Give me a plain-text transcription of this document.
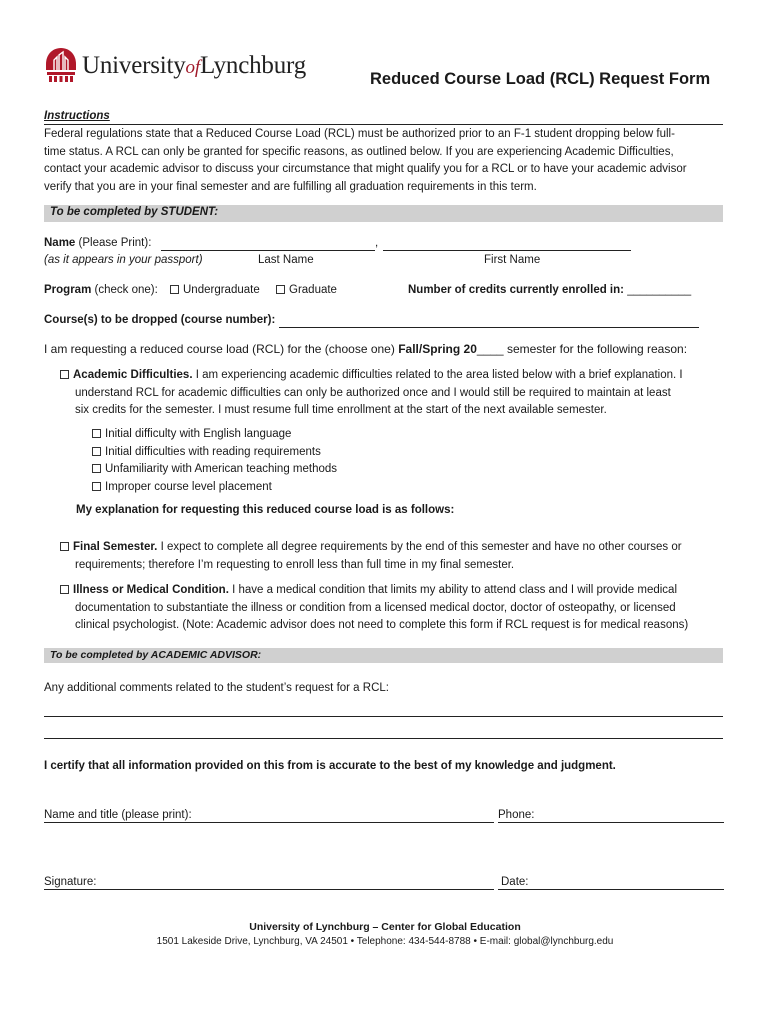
UniversityofLynchburg	Reduced Course Load (RCL) Request Form
Instructions
Federal regulations state that a Reduced Course Load (RCL) must be authorized prior to an F-1 student dropping below full-
time status. A RCL can only be granted for specific reasons, as outlined below. If you are experiencing Academic Difficulties,
contact your academic advisor to discuss your circumstance that might qualify you for a RCL or to have your academic advisor
verify that you are in your final semester and are fulfilling all graduation requirements in this term.
To be completed by STUDENT:
Name (Please Print):	,
(as it appears in your passport)	Last Name	First Name
Program (check one):	Undergraduate	Graduate	Number of credits currently enrolled in: __________
Course(s) to be dropped (course number):
I am requesting a reduced course load (RCL) for the (choose one) Fall/Spring 20____ semester for the following reason:
Academic Difficulties. I am experiencing academic difficulties related to the area listed below with a brief explanation. I
understand RCL for academic difficulties can only be authorized once and I would still be required to maintain at least
six credits for the semester. I must resume full time enrollment at the start of the next available semester.
Initial difficulty with English language
Initial difficulties with reading requirements
Unfamiliarity with American teaching methods
Improper course level placement
My explanation for requesting this reduced course load is as follows:
Final Semester. I expect to complete all degree requirements by the end of this semester and have no other courses or
requirements; therefore I’m requesting to enroll less than full time in my final semester.
Illness or Medical Condition. I have a medical condition that limits my ability to attend class and I will provide medical
documentation to substantiate the illness or condition from a licensed medical doctor, doctor of osteopathy, or licensed
clinical psychologist. (Note: Academic advisor does not need to complete this form if RCL request is for medical reasons)
To be completed by ACADEMIC ADVISOR:
Any additional comments related to the student’s request for a RCL:
I certify that all information provided on this from is accurate to the best of my knowledge and judgment.
Name and title (please print):	Phone:
Signature:	Date:
University of Lynchburg – Center for Global Education
1501 Lakeside Drive, Lynchburg, VA 24501 • Telephone: 434-544-8788 • E-mail: global@lynchburg.edu
